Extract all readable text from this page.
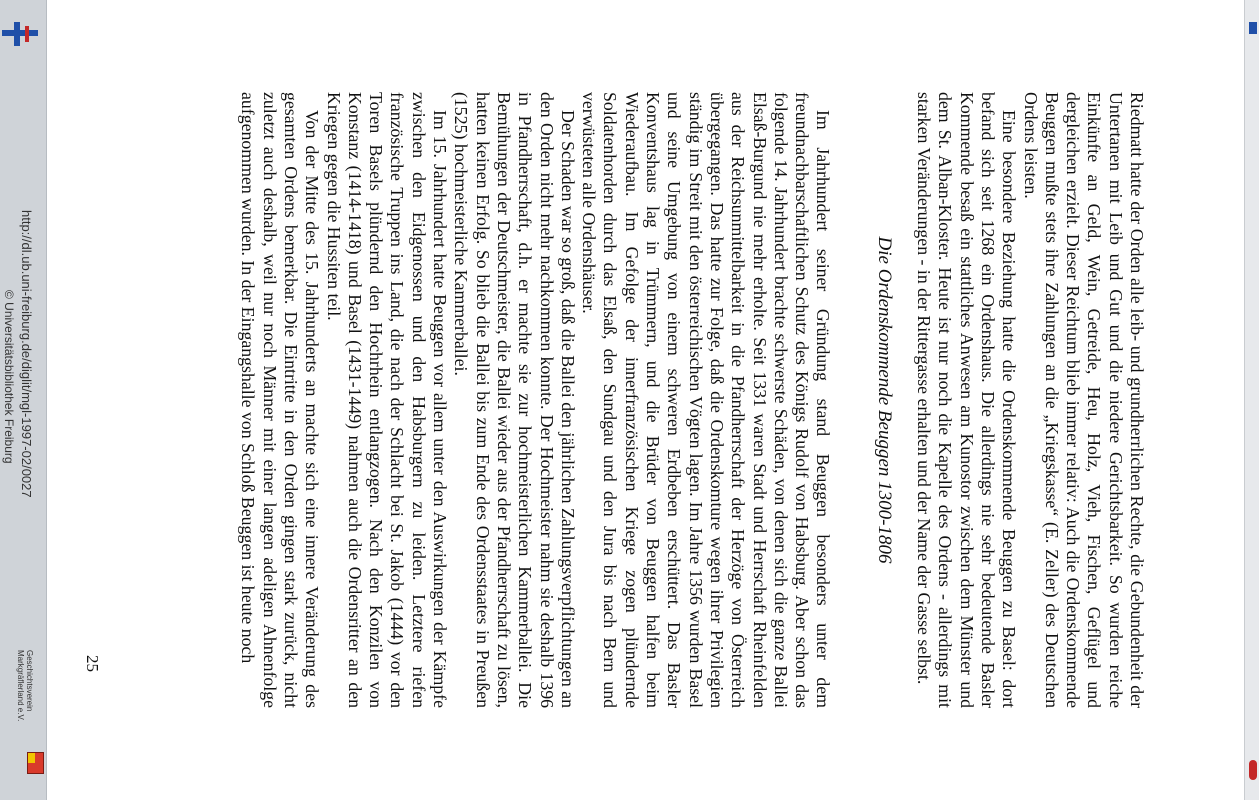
http://dl.ub.uni-freiburg.de/diglit/mgl-1997-02/0027
© Universitätsbibliothek Freiburg
Geschichtsverein
Markgräflerland e.V.	Riedmatt hatte der Orden alle leib- und grundherrlichen Rechte, die Gebundenheit der Untertanen mit Leib und Gut und die niedere Gerichtsbarkeit. So wurden reiche Einkünfte an Geld, Wein, Getreide, Heu, Holz, Vieh, Fischen, Geflügel und dergleichen erzielt. Dieser Reichtum blieb immer relativ: Auch die Ordenskommende Beuggen mußte stets ihre Zahlungen an die „Kriegskasse“ (E. Zeller) des Deutschen Ordens leisten.

Eine besondere Beziehung hatte die Ordenskommende Beuggen zu Basel: dort befand sich seit 1268 ein Ordenshaus. Die allerdings nie sehr bedeutende Basler Kommende besaß ein stattliches Anwesen am Kunostor zwischen dem Münster und dem St. Alban-Kloster. Heute ist nur noch die Kapelle des Ordens - allerdings mit starken Veränderungen - in der Rittergasse erhalten und der Name der Gasse selbst.

Die Ordenskommende Beuggen 1300-1806

Im Jahrhundert seiner Gründung stand Beuggen besonders unter dem freundnachbarschaftlichen Schutz des Königs Rudolf von Habsburg. Aber schon das folgende 14. Jahrhundert brachte schwerste Schäden, von denen sich die ganze Ballei Elsaß-Burgund nie mehr erholte. Seit 1331 waren Stadt und Herrschaft Rheinfelden aus der Reichsunmittelbarkeit in die Pfandherrschaft der Herzöge von Österreich übergegangen. Das hatte zur Folge, daß die Ordenskomture wegen ihrer Privilegien ständig im Streit mit den österreichischen Vögten lagen. Im Jahre 1356 wurden Basel und seine Umgebung von einem schweren Erdbeben erschüttert. Das Basler Konventshaus lag in Trümmern, und die Brüder von Beuggen halfen beim Wiederaufbau. Im Gefolge der innerfranzösischen Kriege zogen plündernde Soldatenhorden durch das Elsaß, den Sundgau und den Jura bis nach Bern und verwüsteten alle Ordenshäuser.

Der Schaden war so groß, daß die Ballei den jährlichen Zahlungsverpflichtungen an den Orden nicht mehr nachkommen konnte. Der Hochmeister nahm sie deshalb 1396 in Pfandherrschaft, d.h. er machte sie zur hochmeisterlichen Kammerballei. Die Bemühungen der Deutschmeister, die Ballei wieder aus der Pfandherrschaft zu lösen, hatten keinen Erfolg. So blieb die Ballei bis zum Ende des Ordensstaates in Preußen (1525) hochmeisterliche Kammerballei.

Im 15. Jahrhundert hatte Beuggen vor allem unter den Auswirkungen der Kämpfe zwischen den Eidgenossen und den Habsburgern zu leiden. Letztere riefen französische Truppen ins Land, die nach der Schlacht bei St. Jakob (1444) vor den Toren Basels plündernd den Hochrhein entlangzogen. Nach den Konzilen von Konstanz (1414-1418) und Basel (1431-1449) nahmen auch die Ordensritter an den Kriegen gegen die Hussiten teil.

Von der Mitte des 15. Jahrhunderts an machte sich eine innere Veränderung des gesamten Ordens bemerkbar. Die Eintritte in den Orden gingen stark zurück, nicht zuletzt auch deshalb, weil nur noch Männer mit einer langen adeligen Ahnenfolge aufgenommen wurden. In der Eingangshalle von Schloß Beuggen ist heute noch

25
